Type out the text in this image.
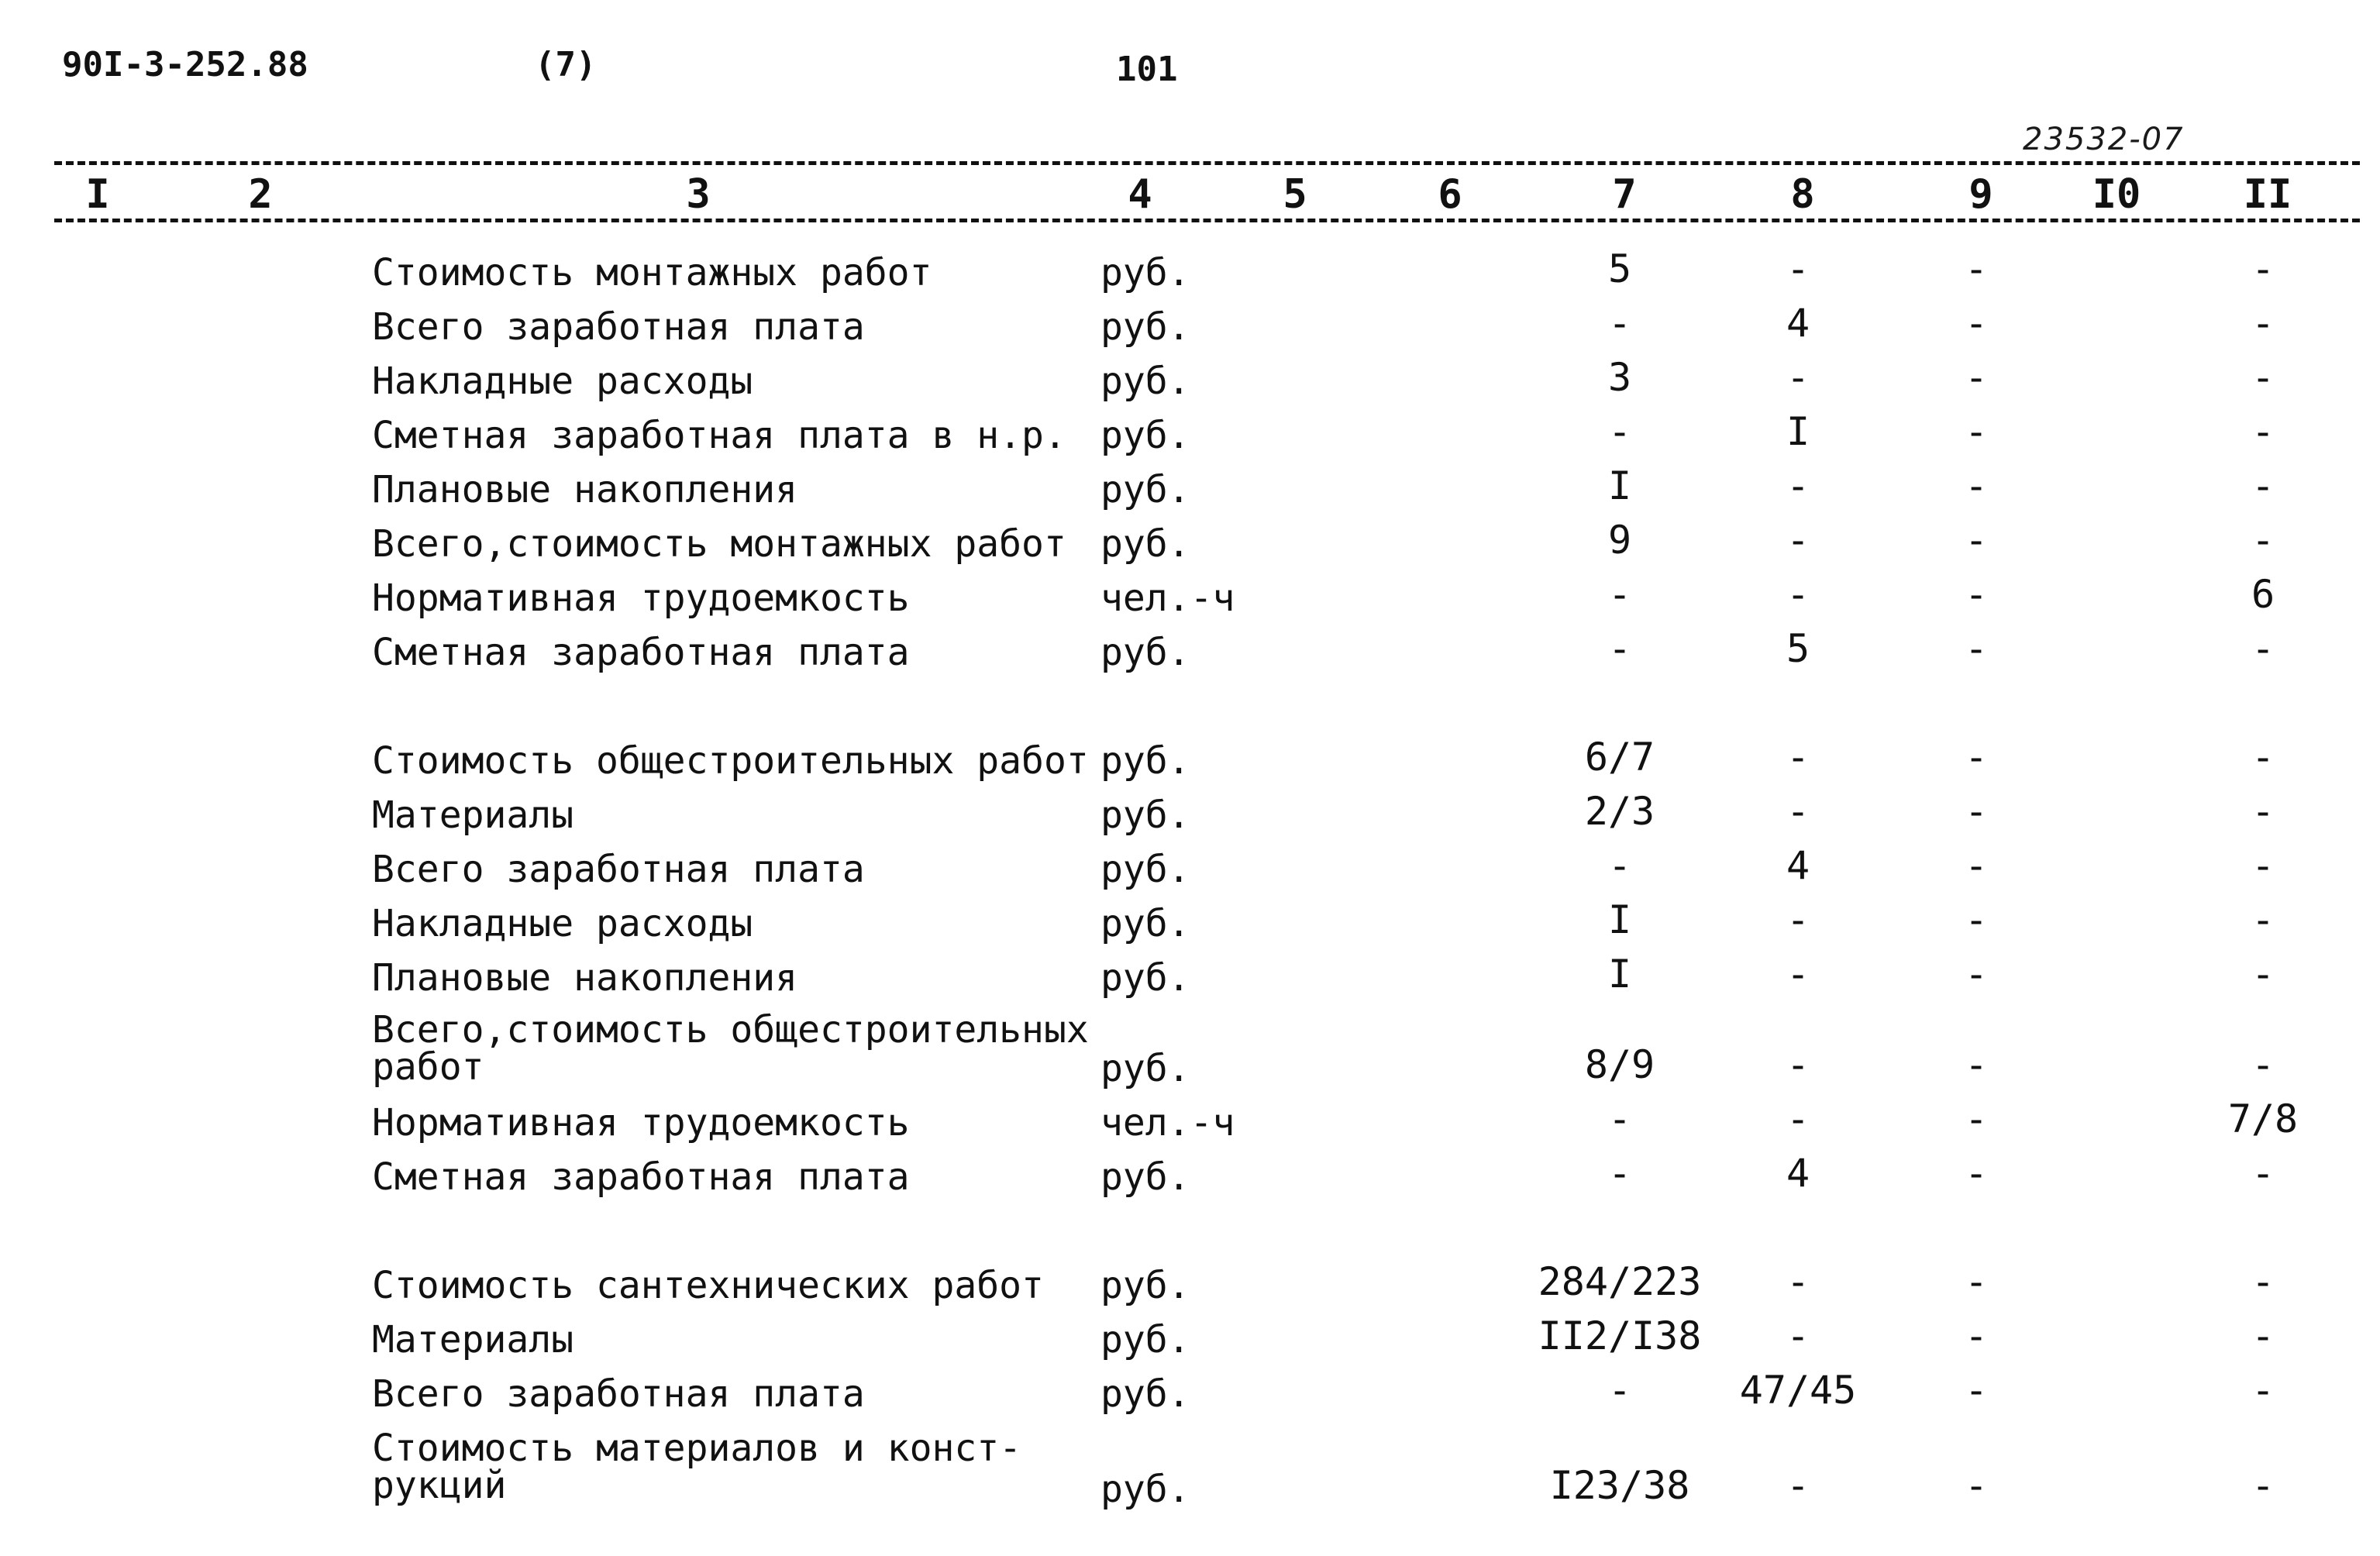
90I-3-252.88	(7)	101
23532-07
I	2	3	4	5	6	7	8	9	I0	II
Стоимость монтажных работ	руб.	5	-	-	-
Всего заработная плата	руб.	-	4	-	-
Накладные расходы	руб.	3	-	-	-
Сметная заработная плата в н.р. руб.	-	I	-	-
Плановые накопления	руб.	I	-	-	-
Всего,стоимость монтажных работ руб.	9	-	-	-
Нормативная трудоемкость	чел.-ч	-	-	-	6
Сметная заработная плата	руб.	-	5	-	-
Стоимость общестроительных работ руб.	6/7	-	-	-
Материалы	руб.	2/3	-	-	-
Всего заработная плата	руб.	-	4	-	-
Накладные расходы	руб.	I	-	-	-
Плановые накопления	руб.	I	-	-	-
Всего,стоимость общестроительных работ	руб.	8/9	-	-	-
Нормативная трудоемкость	чел.-ч	-	-	-	7/8
Сметная заработная плата	руб.	-	4	-	-
Стоимость сантехнических работ руб.	284/223	-	-	-
Материалы	руб.	II2/I38	-	-	-
Всего заработная плата	руб.	-	47/45	-	-
Стоимость материалов и конст- рукций	руб.	I23/38	-	-	-
